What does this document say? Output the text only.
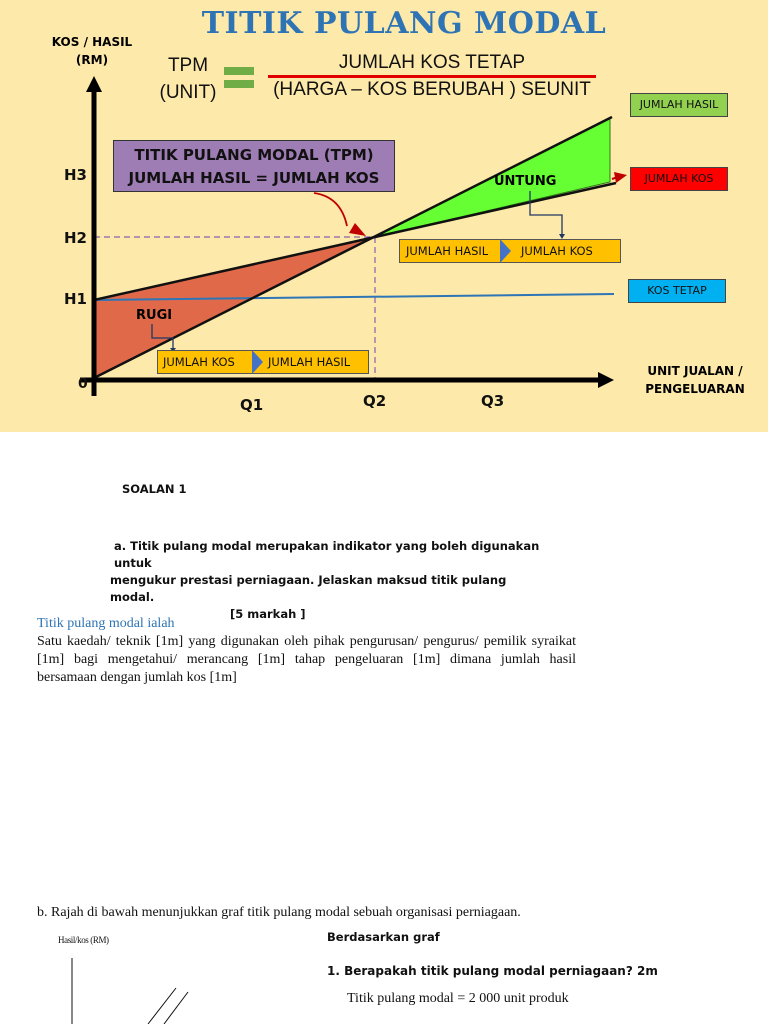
TITIK PULANG MODAL
KOS / HASIL
(RM)	TPM
(UNIT)
JUMLAH KOS TETAP
(HARGA – KOS BERUBAH ) SEUNIT
TITIK PULANG MODAL (TPM)
JUMLAH HASIL = JUMLAH KOS
H3
H2
H1
0
Q1	Q2	Q3
UNIT JUALAN /
PENGELUARAN
UNTUNG
RUGI
JUMLAH HASIL
JUMLAH KOS
KOS TETAP
JUMLAH HASIL	JUMLAH KOS
JUMLAH KOS	JUMLAH HASIL
SOALAN 1
a. Titik pulang modal merupakan indikator yang boleh digunakan untuk
mengukur prestasi perniagaan. Jelaskan maksud titik pulang modal.
[5 markah ]
Titik pulang modal ialah
Satu kaedah/ teknik [1m] yang digunakan oleh pihak pengurusan/ pengurus/ pemilik syraikat [1m] bagi mengetahui/ merancang [1m] tahap pengeluaran [1m] dimana jumlah hasil bersamaan dengan jumlah kos [1m]
b. Rajah di bawah menunjukkan graf titik pulang modal sebuah organisasi perniagaan.
Hasil/kos (RM)	Berdasarkan graf
1. Berapakah titik pulang modal perniagaan? 2m
Titik pulang modal = 2 000 unit produk
